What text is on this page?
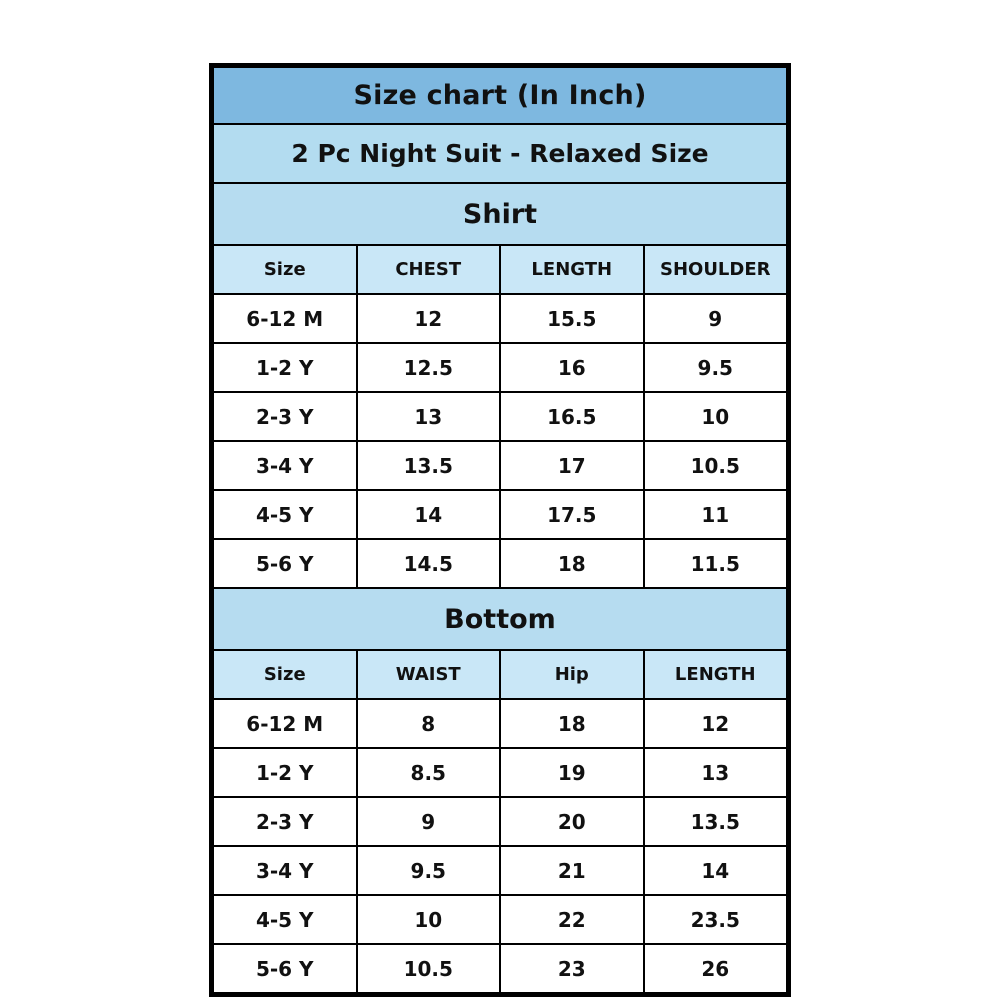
Size chart (In Inch)			
2 Pc Night Suit - Relaxed Size			
Shirt			
Size	CHEST	LENGTH	SHOULDER
6-12 M	12	15.5	9
1-2 Y	12.5	16	9.5
2-3 Y	13	16.5	10
3-4 Y	13.5	17	10.5
4-5 Y	14	17.5	11
5-6 Y	14.5	18	11.5
Bottom			
Size	WAIST	Hip	LENGTH
6-12 M	8	18	12
1-2 Y	8.5	19	13
2-3 Y	9	20	13.5
3-4 Y	9.5	21	14
4-5 Y	10	22	23.5
5-6 Y	10.5	23	26
